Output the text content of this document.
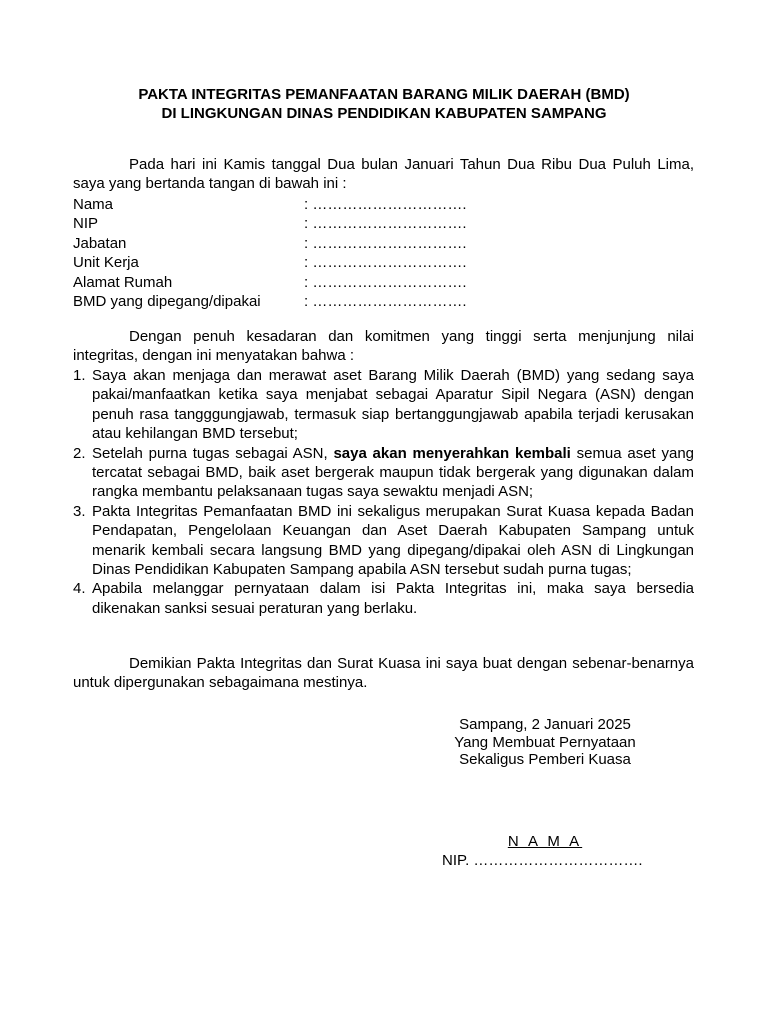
PAKTA INTEGRITAS PEMANFAATAN BARANG MILIK DAERAH (BMD)
DI LINGKUNGAN DINAS PENDIDIKAN KABUPATEN SAMPANG
Pada hari ini Kamis tanggal Dua bulan Januari Tahun Dua Ribu Dua Puluh Lima, saya yang bertanda tangan di bawah ini :
Nama	: ………………………….
NIP	: ………………………….
Jabatan	: ………………………….
Unit Kerja	: ………………………….
Alamat Rumah	: ………………………….
BMD yang dipegang/dipakai	: ………………………….
Dengan penuh kesadaran dan komitmen yang tinggi serta menjunjung nilai integritas, dengan ini menyatakan bahwa :
1. Saya akan menjaga dan merawat aset Barang Milik Daerah (BMD) yang sedang saya pakai/manfaatkan ketika saya menjabat sebagai Aparatur Sipil Negara (ASN) dengan penuh rasa tangggungjawab, termasuk siap bertanggungjawab apabila terjadi kerusakan atau kehilangan BMD tersebut;
2. Setelah purna tugas sebagai ASN, saya akan menyerahkan kembali semua aset yang tercatat sebagai BMD, baik aset bergerak maupun tidak bergerak yang digunakan dalam rangka membantu pelaksanaan tugas saya sewaktu menjadi ASN;
3. Pakta Integritas Pemanfaatan BMD ini sekaligus merupakan Surat Kuasa kepada Badan Pendapatan, Pengelolaan Keuangan dan Aset Daerah Kabupaten Sampang untuk menarik kembali secara langsung BMD yang dipegang/dipakai oleh ASN di Lingkungan Dinas Pendidikan Kabupaten Sampang apabila ASN tersebut sudah purna tugas;
4. Apabila melanggar pernyataan dalam isi Pakta Integritas ini, maka saya bersedia dikenakan sanksi sesuai peraturan yang berlaku.
Demikian Pakta Integritas dan Surat Kuasa ini saya buat dengan sebenar-benarnya untuk dipergunakan sebagaimana mestinya.
Sampang, 2 Januari 2025
Yang Membuat Pernyataan
Sekaligus Pemberi Kuasa
N A M A
NIP. …………………………….
